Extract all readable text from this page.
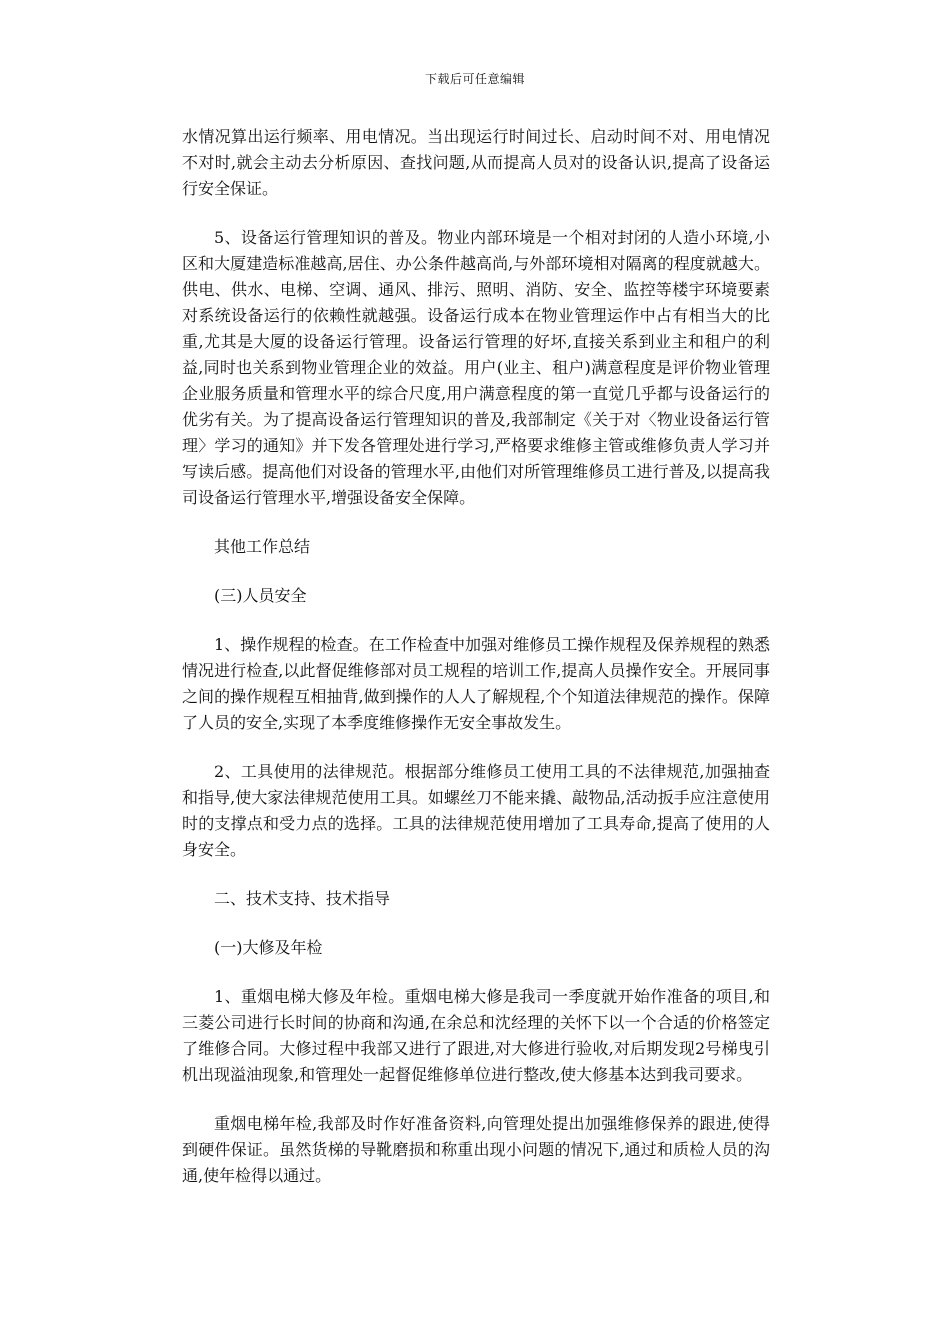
下载后可任意编辑

水情况算出运行频率、用电情况。当出现运行时间过长、启动时间不对、用电情况不对时,就会主动去分析原因、查找问题,从而提高人员对的设备认识,提高了设备运行安全保证。

5、设备运行管理知识的普及。物业内部环境是一个相对封闭的人造小环境,小区和大厦建造标准越高,居住、办公条件越高尚,与外部环境相对隔离的程度就越大。供电、供水、电梯、空调、通风、排污、照明、消防、安全、监控等楼宇环境要素对系统设备运行的依赖性就越强。设备运行成本在物业管理运作中占有相当大的比重,尤其是大厦的设备运行管理。设备运行管理的好坏,直接关系到业主和租户的利益,同时也关系到物业管理企业的效益。用户(业主、租户)满意程度是评价物业管理企业服务质量和管理水平的综合尺度,用户满意程度的第一直觉几乎都与设备运行的优劣有关。为了提高设备运行管理知识的普及,我部制定《关于对〈物业设备运行管理〉学习的通知》并下发各管理处进行学习,严格要求维修主管或维修负责人学习并写读后感。提高他们对设备的管理水平,由他们对所管理维修员工进行普及,以提高我司设备运行管理水平,增强设备安全保障。

其他工作总结

(三)人员安全

1、操作规程的检查。在工作检查中加强对维修员工操作规程及保养规程的熟悉情况进行检查,以此督促维修部对员工规程的培训工作,提高人员操作安全。开展同事之间的操作规程互相抽背,做到操作的人人了解规程,个个知道法律规范的操作。保障了人员的安全,实现了本季度维修操作无安全事故发生。

2、工具使用的法律规范。根据部分维修员工使用工具的不法律规范,加强抽查和指导,使大家法律规范使用工具。如螺丝刀不能来撬、敲物品,活动扳手应注意使用时的支撑点和受力点的选择。工具的法律规范使用增加了工具寿命,提高了使用的人身安全。

二、技术支持、技术指导

(一)大修及年检

1、重烟电梯大修及年检。重烟电梯大修是我司一季度就开始作准备的项目,和三菱公司进行长时间的协商和沟通,在余总和沈经理的关怀下以一个合适的价格签定了维修合同。大修过程中我部又进行了跟进,对大修进行验收,对后期发现2号梯曳引机出现溢油现象,和管理处一起督促维修单位进行整改,使大修基本达到我司要求。

重烟电梯年检,我部及时作好准备资料,向管理处提出加强维修保养的跟进,使得到硬件保证。虽然货梯的导靴磨损和称重出现小问题的情况下,通过和质检人员的沟通,使年检得以通过。
